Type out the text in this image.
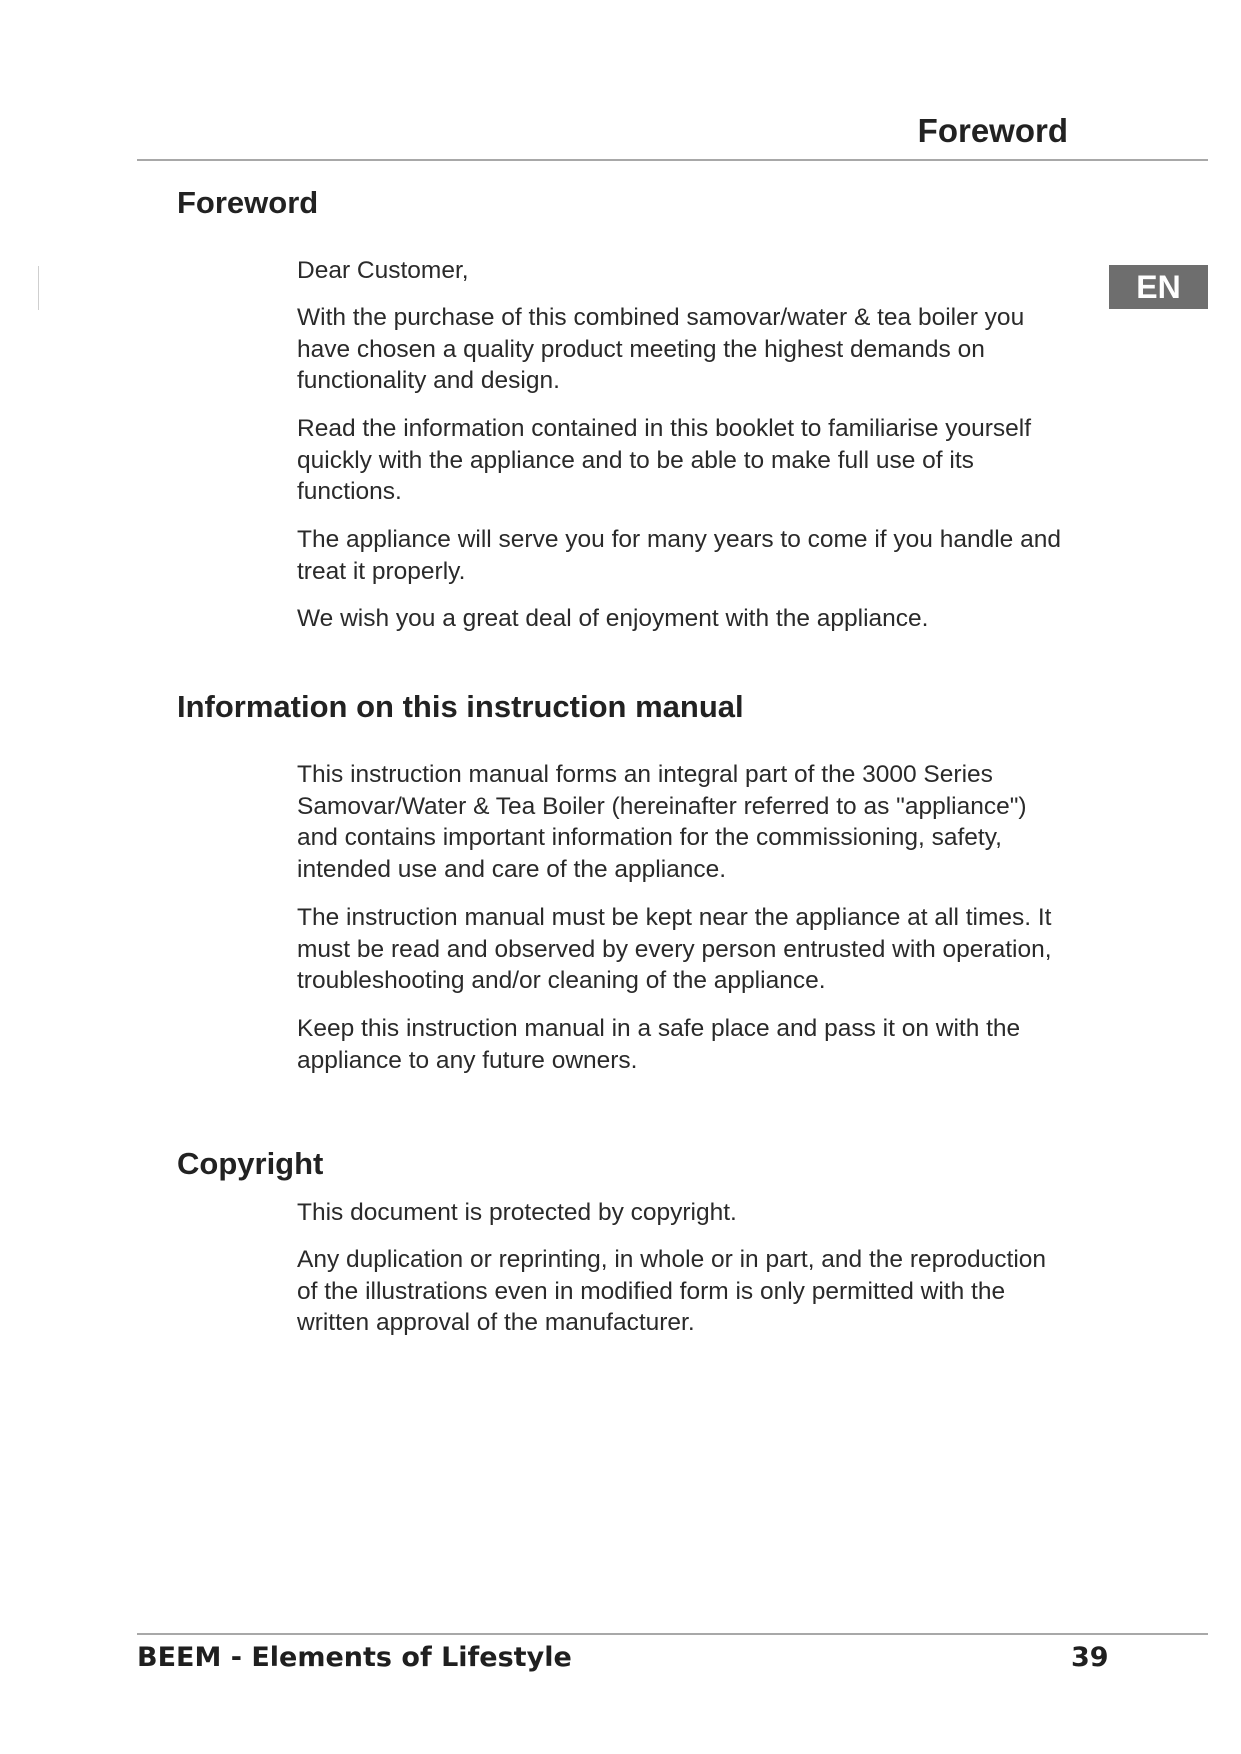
Foreword
EN
Foreword

Dear Customer,

With the purchase of this combined samovar/water & tea boiler you have chosen a quality product meeting the highest demands on functionality and design.

Read the information contained in this booklet to familiarise yourself quickly with the appliance and to be able to make full use of its functions.

The appliance will serve you for many years to come if you handle and treat it properly.

We wish you a great deal of enjoyment with the appliance.

Information on this instruction manual

This instruction manual forms an integral part of the 3000 Series Samovar/Water & Tea Boiler (hereinafter referred to as "appliance") and contains important information for the commissioning, safety, intended use and care of the appliance.

The instruction manual must be kept near the appliance at all times. It must be read and observed by every person entrusted with operation, troubleshooting and/or cleaning of the appliance.

Keep this instruction manual in a safe place and pass it on with the appliance to any future owners.

Copyright

This document is protected by copyright.

Any duplication or reprinting, in whole or in part, and the reproduction of the illustrations even in modified form is only permitted with the written approval of the manufacturer.

BEEM - Elements of Lifestyle	39
